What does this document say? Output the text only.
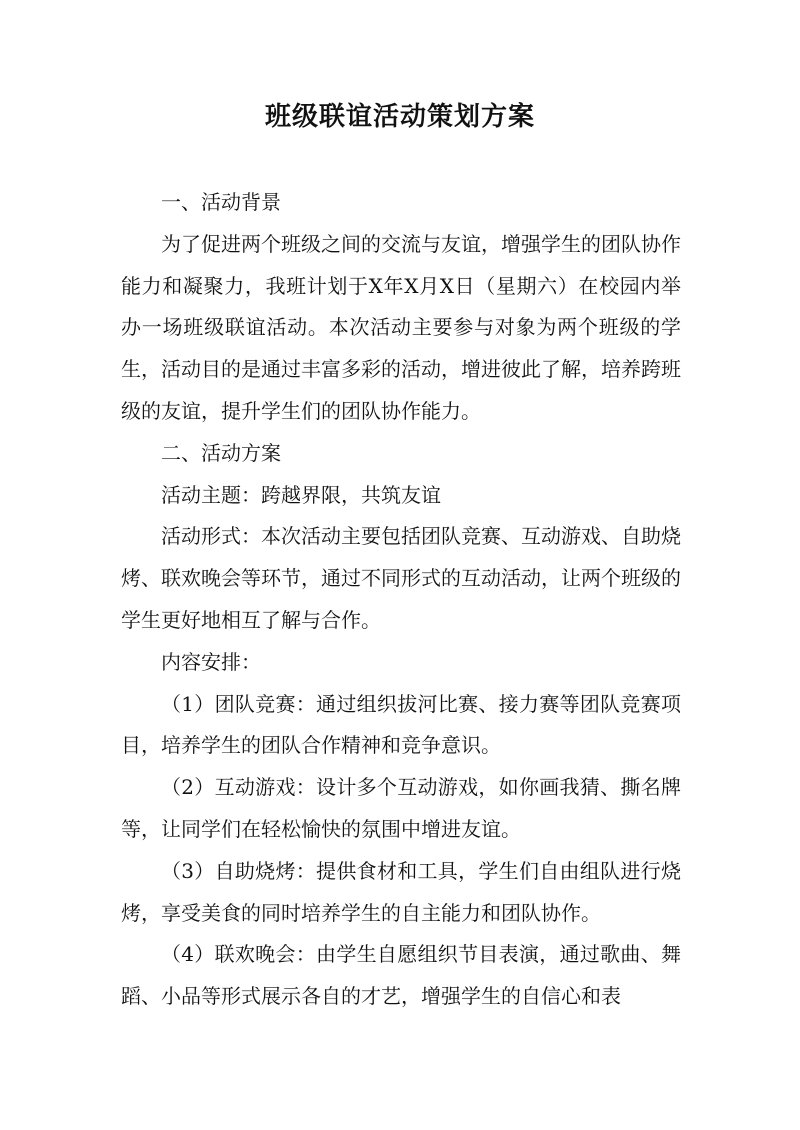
班级联谊活动策划方案

一、活动背景

为了促进两个班级之间的交流与友谊，增强学生的团队协作能力和凝聚力，我班计划于X年X月X日（星期六）在校园内举办一场班级联谊活动。本次活动主要参与对象为两个班级的学生，活动目的是通过丰富多彩的活动，增进彼此了解，培养跨班级的友谊，提升学生们的团队协作能力。

二、活动方案

活动主题：跨越界限，共筑友谊

活动形式：本次活动主要包括团队竞赛、互动游戏、自助烧烤、联欢晚会等环节，通过不同形式的互动活动，让两个班级的学生更好地相互了解与合作。

内容安排：

（1）团队竞赛：通过组织拔河比赛、接力赛等团队竞赛项目，培养学生的团队合作精神和竞争意识。

（2）互动游戏：设计多个互动游戏，如你画我猜、撕名牌等，让同学们在轻松愉快的氛围中增进友谊。

（3）自助烧烤：提供食材和工具，学生们自由组队进行烧烤，享受美食的同时培养学生的自主能力和团队协作。

（4）联欢晚会：由学生自愿组织节目表演，通过歌曲、舞蹈、小品等形式展示各自的才艺，增强学生的自信心和表
